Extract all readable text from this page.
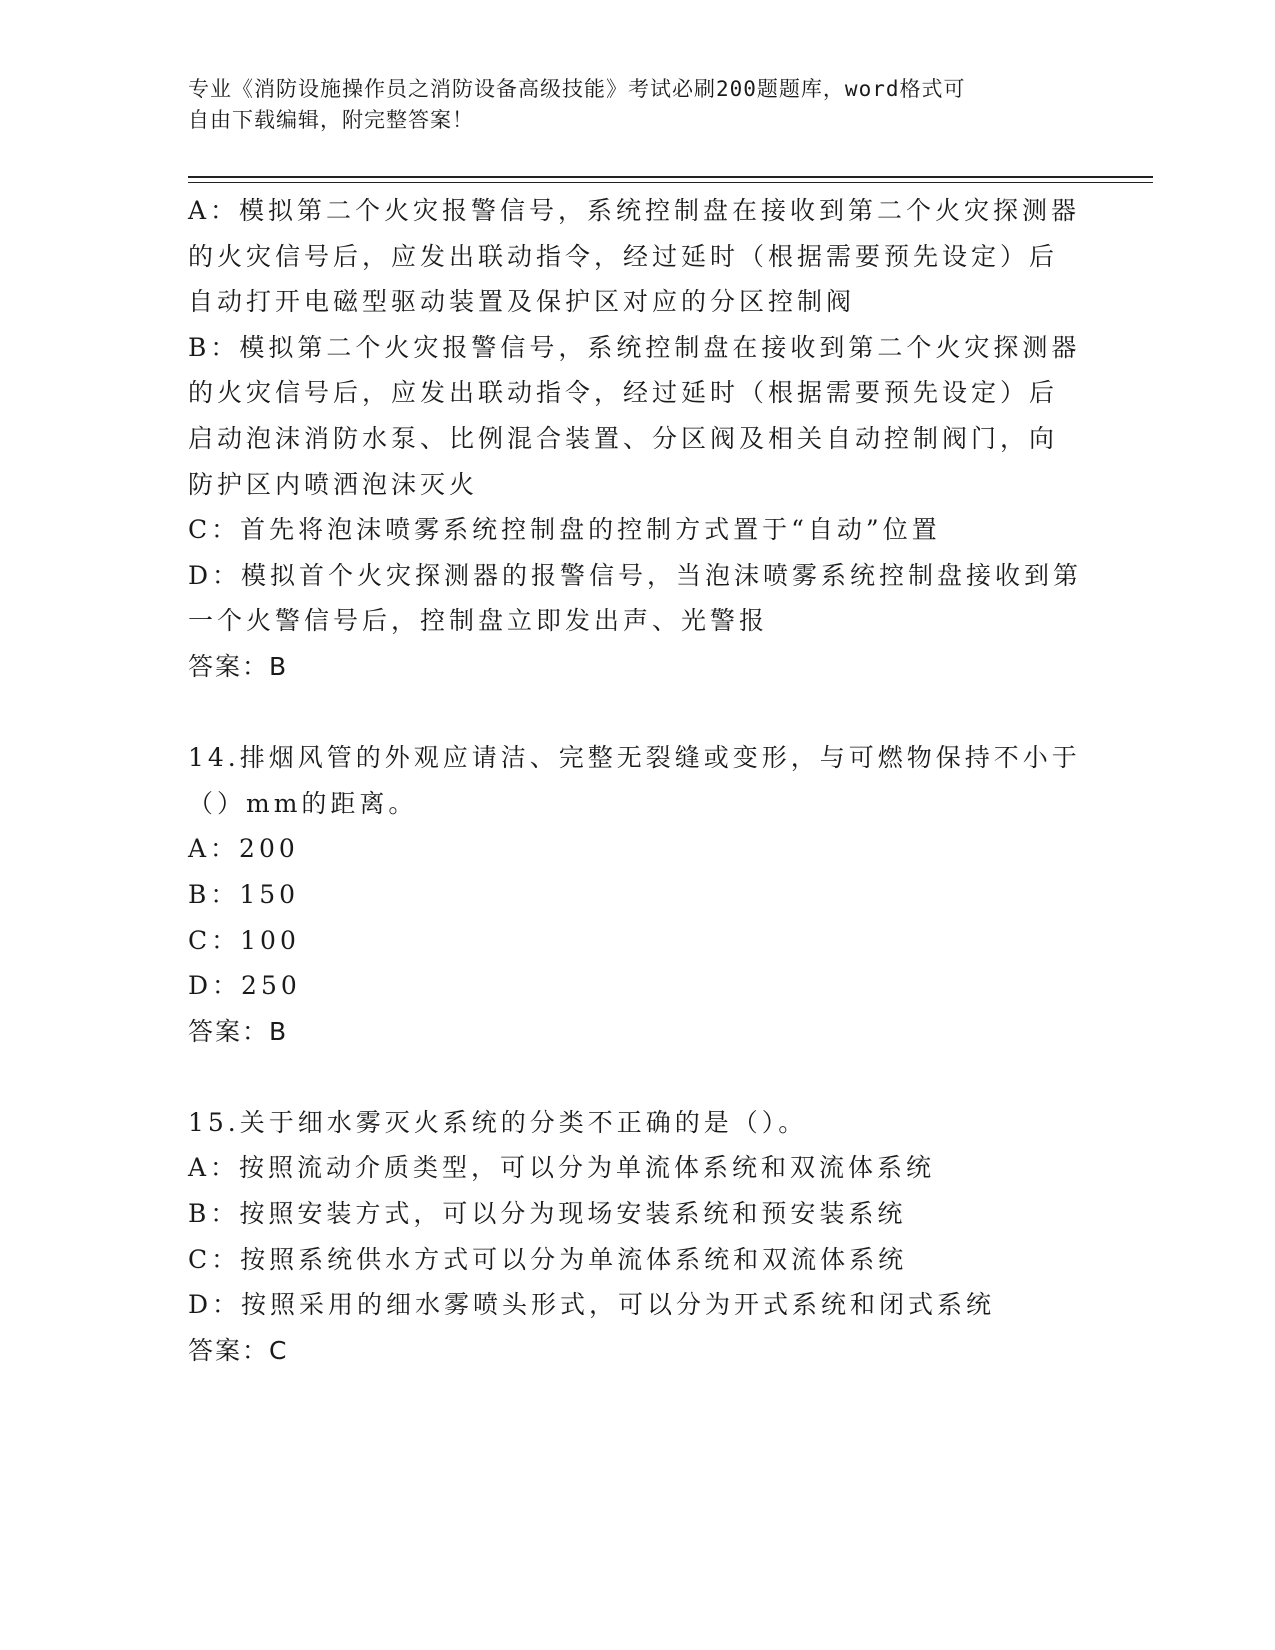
专业《消防设施操作员之消防设备高级技能》考试必刷200题题库，word格式可

自由下载编辑，附完整答案！

A：模拟第二个火灾报警信号，系统控制盘在接收到第二个火灾探测器

的火灾信号后，应发出联动指令，经过延时（根据需要预先设定）后

自动打开电磁型驱动装置及保护区对应的分区控制阀

B：模拟第二个火灾报警信号，系统控制盘在接收到第二个火灾探测器

的火灾信号后，应发出联动指令，经过延时（根据需要预先设定）后

启动泡沫消防水泵、比例混合装置、分区阀及相关自动控制阀门，向

防护区内喷洒泡沫灭火

C：首先将泡沫喷雾系统控制盘的控制方式置于“自动”位置

D：模拟首个火灾探测器的报警信号，当泡沫喷雾系统控制盘接收到第

一个火警信号后，控制盘立即发出声、光警报

答案：B

14.排烟风管的外观应请洁、完整无裂缝或变形，与可燃物保持不小于

（）mm的距离。

A：200

B：150

C：100

D：250

答案：B

15.关于细水雾灭火系统的分类不正确的是（）。

A：按照流动介质类型，可以分为单流体系统和双流体系统

B：按照安装方式，可以分为现场安装系统和预安装系统

C：按照系统供水方式可以分为单流体系统和双流体系统

D：按照采用的细水雾喷头形式，可以分为开式系统和闭式系统

答案：C
